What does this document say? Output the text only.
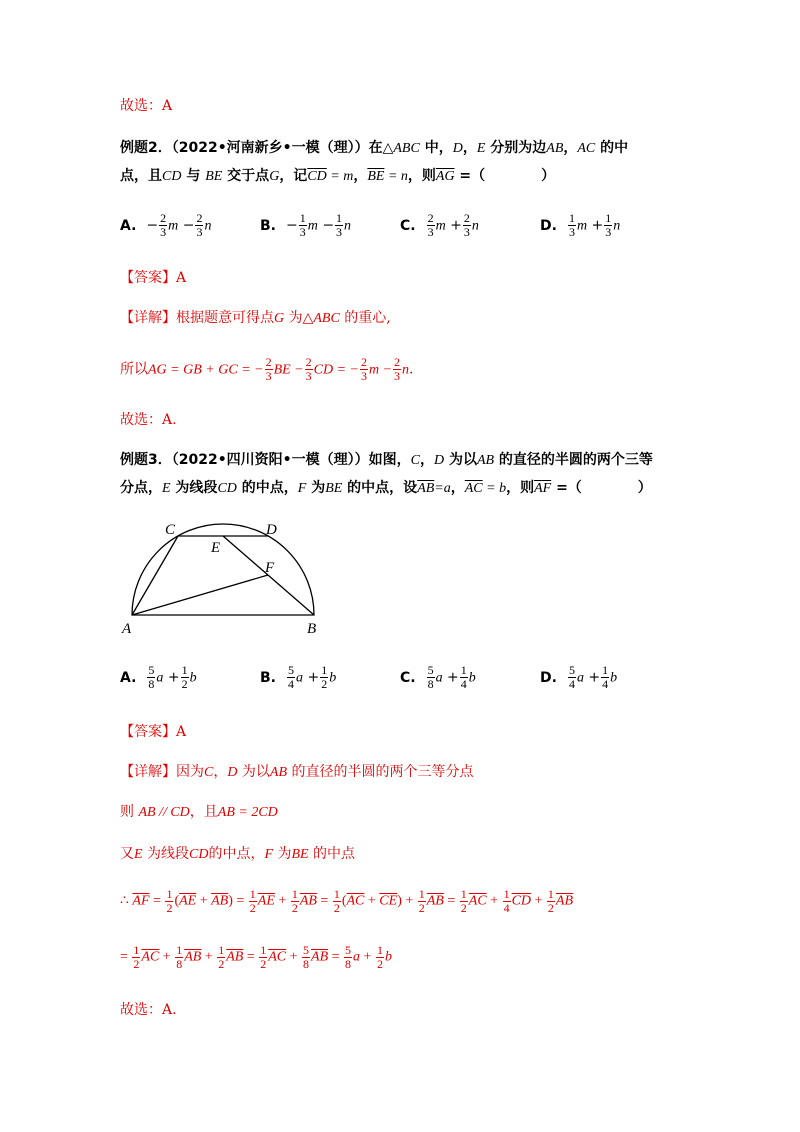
故选：A
例题2．（2022•河南新乡•一模（理））在△ABC 中，D，E 分别为边AB，AC 的中
点，且CD 与 BE 交于点G，记$\overline{CD} = m$，$\overline{BE} = n$，则$\overline{AG}$ =（　　　　）
A. − $\frac{2}{3}$ $m - \frac{2}{3}$ n	B. − $\frac{1}{3}$ $m - \frac{1}{3}$ n	C. $\frac{2}{3}$ $m + \frac{2}{3}$ n	D. $\frac{1}{3}$ $m + \frac{1}{3}$ n
【答案】A
【详解】根据题意可得点G 为△ABC 的重心,
所以AG = GB + GC = − $\frac{2}{3}$ BE − $\frac{2}{3}$ CD = − $\frac{2}{3}$ $m - \frac{2}{3} n$.
故选：A.
例题3．（2022•四川资阳•一模（理））如图，C，D 为以AB 的直径的半圆的两个三等
分点，E 为线段CD 的中点，F 为BE 的中点，设$\overline{AB}=a$，$\overline{AC} = b$，则$\overline{AF}$ =（　　　　）
A	B
C	D
E
F
A. $\frac{5}{8}$ $a + \frac{1}{2}$ b	B. $\frac{5}{4}$ $a + \frac{1}{2}$ b	C. $\frac{5}{8}$ $a + \frac{1}{4}$ b	D. $\frac{5}{4}$ $a + \frac{1}{4}$ b
【答案】A
【详解】因为C，D 为以AB 的直径的半圆的两个三等分点
则 AB // CD，且AB = 2CD
又E 为线段CD的中点，F 为BE 的中点
∴ $\overline{AF} = \frac{1}{2} (\overline{AE} + \overline{AB}) = \frac{1}{2} \overline{AE} + \frac{1}{2} \overline{AB} = \frac{1}{2} (\overline{AC} + \overline{CE}) + \frac{1}{2} \overline{AB} = \frac{1}{2} \overline{AC} + \frac{1}{4} \overline{CD} + \frac{1}{2} \overline{AB}$
= $\frac{1}{2} \overline{AC} + \frac{1}{8} \overline{AB} + \frac{1}{2} \overline{AB} = \frac{1}{2} \overline{AC} + \frac{5}{8} \overline{AB} = \frac{5}{8}$ $a + \frac{1}{2}$ b
故选：A.
